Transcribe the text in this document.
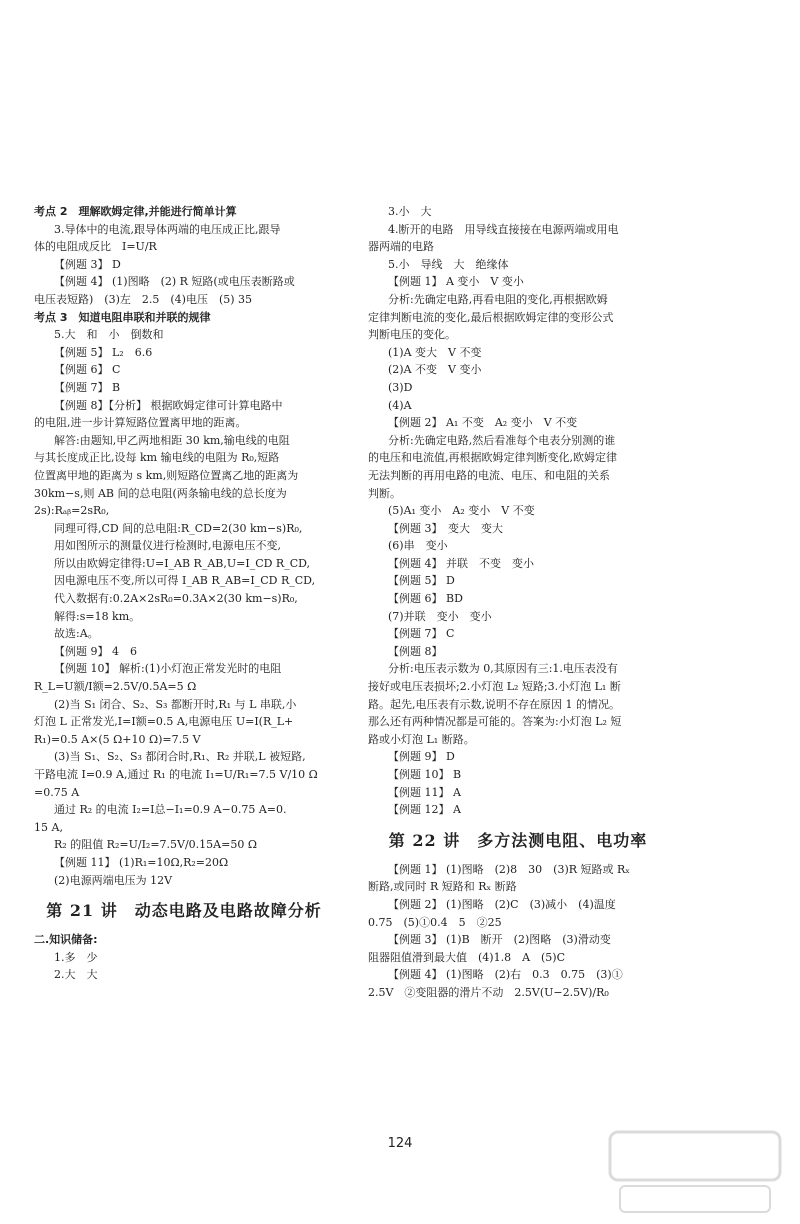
考点 2　理解欧姆定律,并能进行简单计算

3.导体中的电流,跟导体两端的电压成正比,跟导

体的电阻成反比　I=U/R

【例题 3】 D

【例题 4】 (1)图略　(2) R 短路(或电压表断路或

电压表短路)　(3)左　2.5　(4)电压　(5) 35

考点 3　知道电阻串联和并联的规律

5.大　和　小　倒数和

【例题 5】 L₂　6.6

【例题 6】 C

【例题 7】 B

【例题 8】【分析】 根据欧姆定律可计算电路中

的电阻,进一步计算短路位置离甲地的距离。

解答:由题知,甲乙两地相距 30 km,输电线的电阻

与其长度成正比,设每 km 输电线的电阻为 R₀,短路

位置离甲地的距离为 s km,则短路位置离乙地的距离为

30km−s,则 AB 间的总电阻(两条输电线的总长度为

2s):Rₐᵦ=2sR₀,

同理可得,CD 间的总电阻:R_CD=2(30 km−s)R₀,

用如图所示的测量仪进行检测时,电源电压不变,

所以由欧姆定律得:U=I_AB R_AB,U=I_CD R_CD,

因电源电压不变,所以可得 I_AB R_AB=I_CD R_CD,

代入数据有:0.2A×2sR₀=0.3A×2(30 km−s)R₀,

解得:s=18 km。

故选:A。

【例题 9】 4　6

【例题 10】 解析:(1)小灯泡正常发光时的电阻

R_L=U额/I额=2.5V/0.5A=5 Ω

(2)当 S₁ 闭合、S₂、S₃ 都断开时,R₁ 与 L 串联,小

灯泡 L 正常发光,I=I额=0.5 A,电源电压 U=I(R_L+

R₁)=0.5 A×(5 Ω+10 Ω)=7.5 V

(3)当 S₁、S₂、S₃ 都闭合时,R₁、R₂ 并联,L 被短路,

干路电流 I=0.9 A,通过 R₁ 的电流 I₁=U/R₁=7.5 V/10 Ω

=0.75 A

通过 R₂ 的电流 I₂=I总−I₁=0.9 A−0.75 A=0.

15 A,

R₂ 的阻值 R₂=U/I₂=7.5V/0.15A=50 Ω

【例题 11】 (1)R₁=10Ω,R₂=20Ω

(2)电源两端电压为 12V

第 21 讲　动态电路及电路故障分析

二.知识储备:

1.多　少

2.大　大

3.小　大

4.断开的电路　用导线直接接在电源两端或用电

器两端的电路

5.小　导线　大　绝缘体

【例题 1】 A 变小　V 变小

分析:先确定电路,再看电阻的变化,再根据欧姆

定律判断电流的变化,最后根据欧姆定律的变形公式

判断电压的变化。

(1)A 变大　V 不变

(2)A 不变　V 变小

(3)D

(4)A

【例题 2】 A₁ 不变　A₂ 变小　V 不变

分析:先确定电路,然后看准每个电表分别测的谁

的电压和电流值,再根据欧姆定律判断变化,欧姆定律

无法判断的再用电路的电流、电压、和电阻的关系

判断。

(5)A₁ 变小　A₂ 变小　V 不变

【例题 3】　变大　变大

(6)串　变小

【例题 4】 并联　不变　变小

【例题 5】 D

【例题 6】 BD

(7)并联　变小　变小

【例题 7】 C

【例题 8】

分析:电压表示数为 0,其原因有三:1.电压表没有

接好或电压表损坏;2.小灯泡 L₂ 短路;3.小灯泡 L₁ 断

路。起先,电压表有示数,说明不存在原因 1 的情况。

那么还有两种情况都是可能的。答案为:小灯泡 L₂ 短

路或小灯泡 L₁ 断路。

【例题 9】 D

【例题 10】 B

【例题 11】 A

【例题 12】 A

第 22 讲　多方法测电阻、电功率

【例题 1】 (1)图略　(2)8　30　(3)R 短路或 Rₓ

断路,或同时 R 短路和 Rₓ 断路

【例题 2】 (1)图略　(2)C　(3)减小　(4)温度

0.75　(5)①0.4　5　②25

【例题 3】 (1)B　断开　(2)图略　(3)滑动变

阻器阻值滑到最大值　(4)1.8　A　(5)C

【例题 4】 (1)图略　(2)右　0.3　0.75　(3)①

2.5V　②变阻器的滑片不动　2.5V(U−2.5V)/R₀

124
